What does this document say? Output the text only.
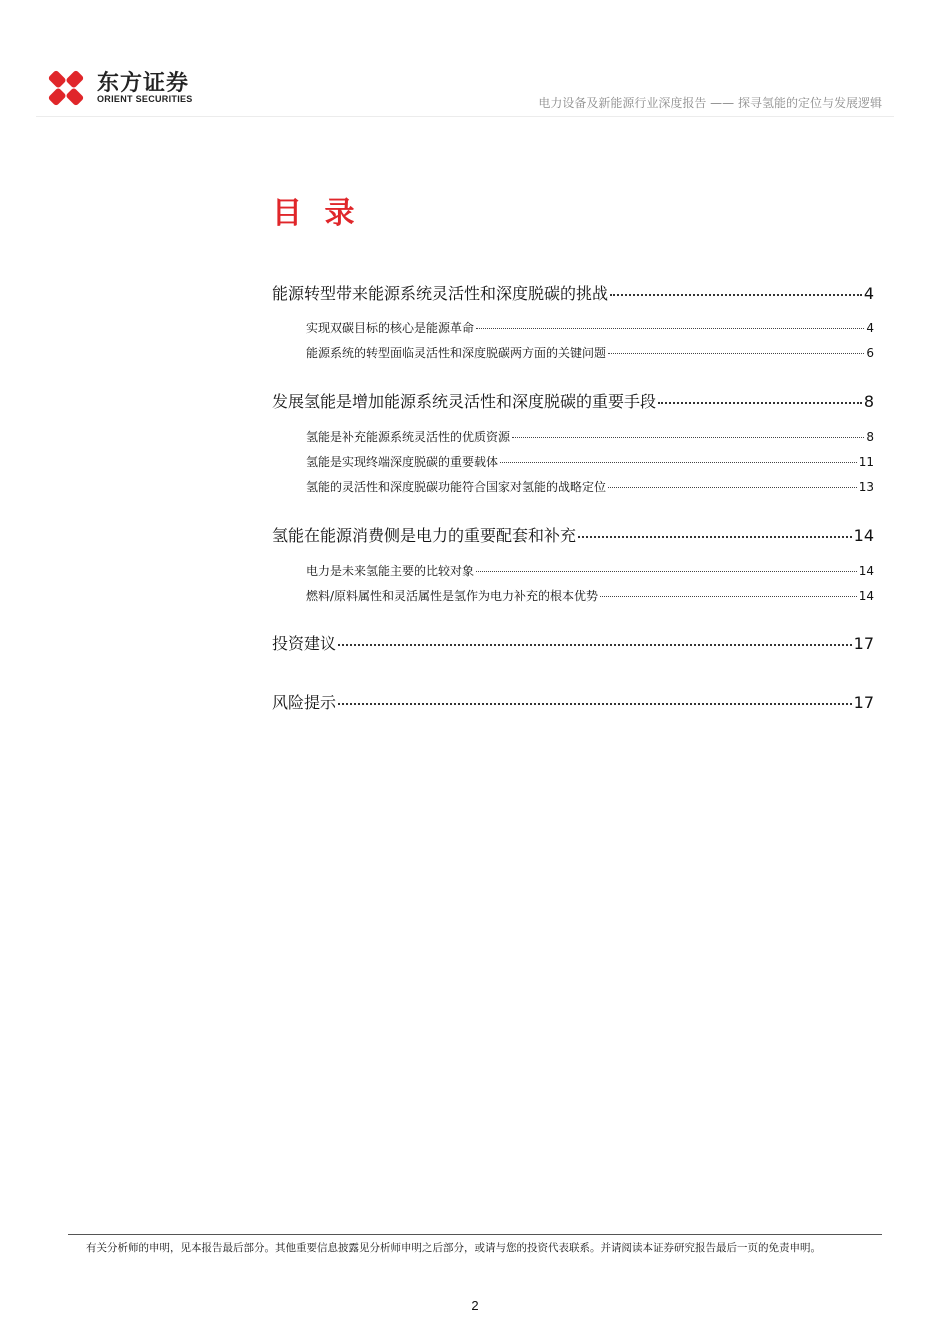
东方证券
ORIENT SECURITIES	电力设备及新能源行业深度报告 —— 探寻氢能的定位与发展逻辑
目 录
能源转型带来能源系统灵活性和深度脱碳的挑战	4
实现双碳目标的核心是能源革命	4
能源系统的转型面临灵活性和深度脱碳两方面的关键问题	6
发展氢能是增加能源系统灵活性和深度脱碳的重要手段	8
氢能是补充能源系统灵活性的优质资源	8
氢能是实现终端深度脱碳的重要载体	11
氢能的灵活性和深度脱碳功能符合国家对氢能的战略定位	13
氢能在能源消费侧是电力的重要配套和补充	14
电力是未来氢能主要的比较对象	14
燃料/原料属性和灵活属性是氢作为电力补充的根本优势	14
投资建议	17
风险提示	17
有关分析师的申明，见本报告最后部分。其他重要信息披露见分析师申明之后部分，或请与您的投资代表联系。并请阅读本证券研究报告最后一页的免责申明。
2
